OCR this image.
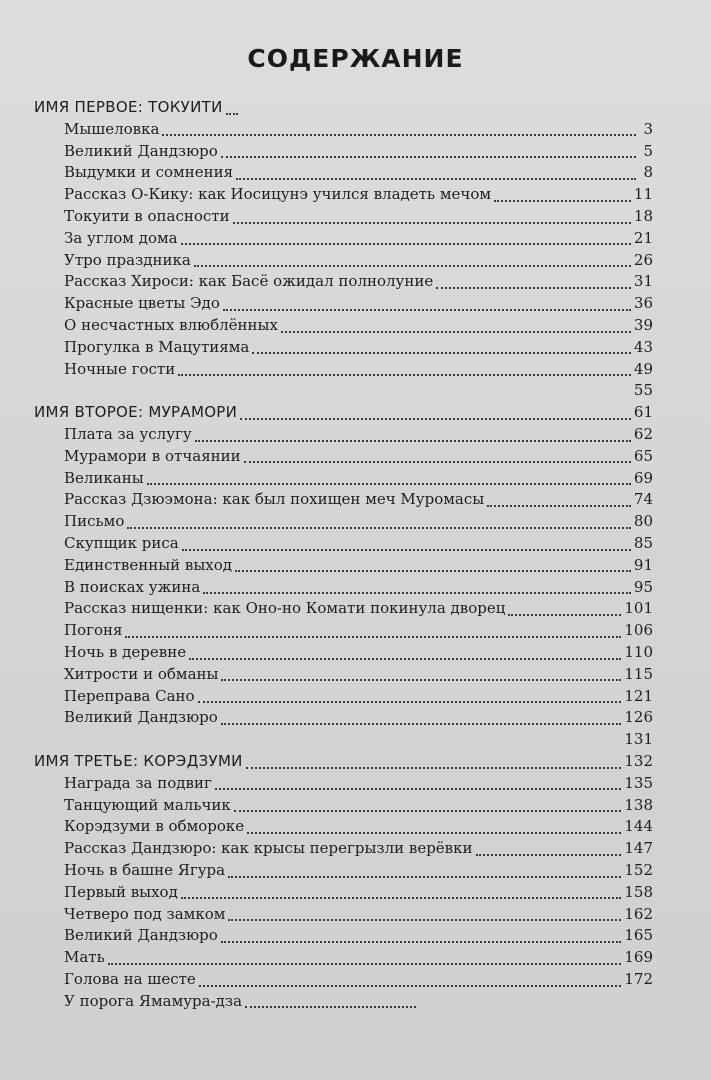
СОДЕРЖАНИЕ
ИМЯ ПЕРВОЕ: ТОКУИТИ
Мышеловка	3
Великий Дандзюро	5
Выдумки и сомнения	8
Рассказ О-Кику: как Иосицунэ учился владеть мечом	11
Токуити в опасности	18
За углом дома	21
Утро праздника	26
Рассказ Хироси: как Басё ожидал полнолуние	31
Красные цветы Эдо	36
О несчастных влюблённых	39
Прогулка в Мацутияма	43
Ночные гости	49
55
ИМЯ ВТОРОЕ: МУРАМОРИ	61
Плата за услугу	62
Мурамори в отчаянии	65
Великаны	69
Рассказ Дзюэмона: как был похищен меч Муромасы	74
Письмо	80
Скупщик риса	85
Единственный выход	91
В поисках ужина	95
Рассказ нищенки: как Оно-но Комати покинула дворец	101
Погоня	106
Ночь в деревне	110
Хитрости и обманы	115
Переправа Сано	121
Великий Дандзюро	126
131
ИМЯ ТРЕТЬЕ: КОРЭДЗУМИ	132
Награда за подвиг	135
Танцующий мальчик	138
Корэдзуми в обмороке	144
Рассказ Дандзюро: как крысы перегрызли верёвки	147
Ночь в башне Ягура	152
Первый выход	158
Четверо под замком	162
Великий Дандзюро	165
Мать	169
Голова на шесте	172
У порога Ямамура-дза
